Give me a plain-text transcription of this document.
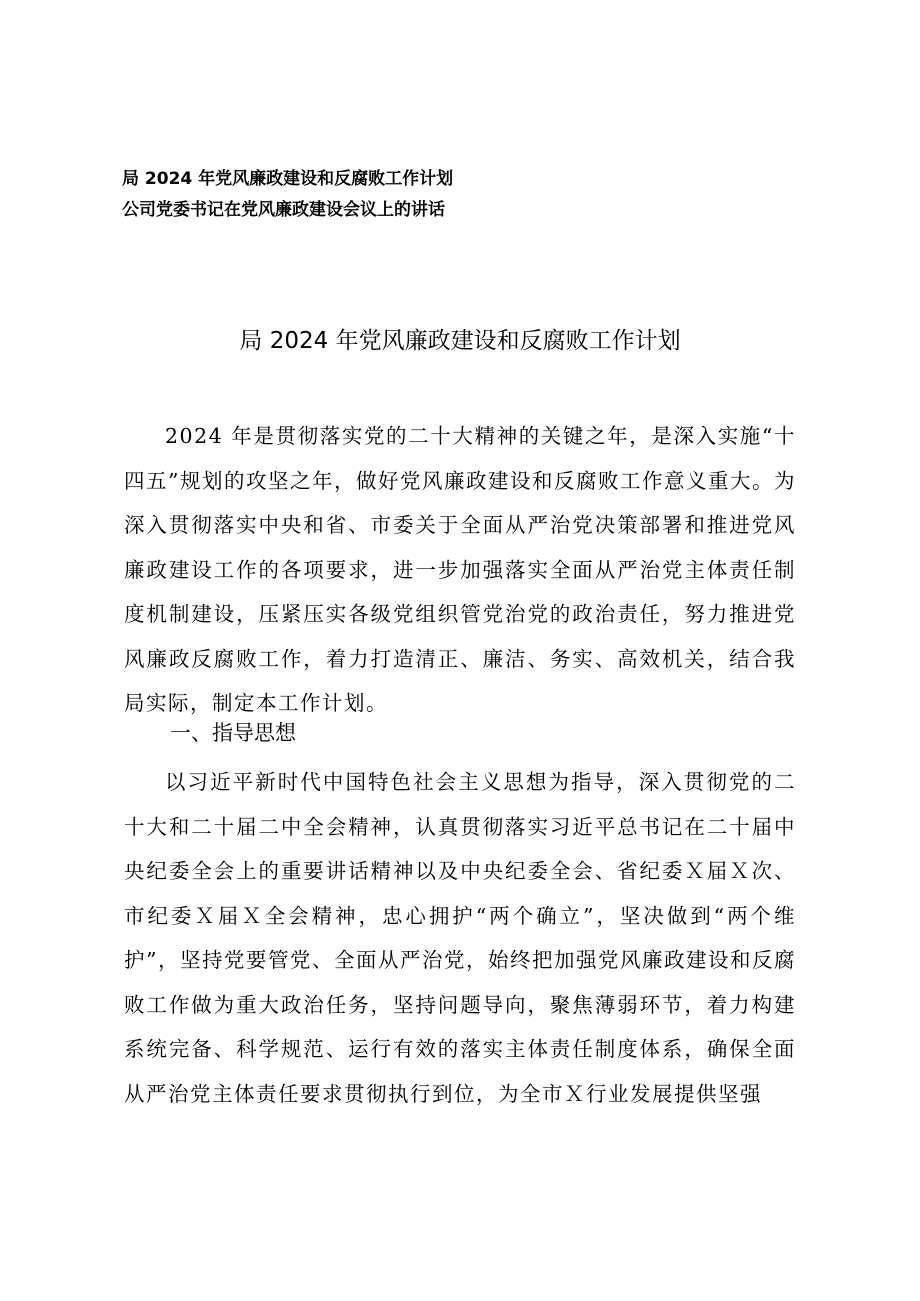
局 2024 年党风廉政建设和反腐败工作计划
公司党委书记在党风廉政建设会议上的讲话
局 2024 年党风廉政建设和反腐败工作计划

2024 年是贯彻落实党的二十大精神的关键之年，是深入实施“十四五”规划的攻坚之年，做好党风廉政建设和反腐败工作意义重大。为深入贯彻落实中央和省、市委关于全面从严治党决策部署和推进党风廉政建设工作的各项要求，进一步加强落实全面从严治党主体责任制度机制建设，压紧压实各级党组织管党治党的政治责任，努力推进党风廉政反腐败工作，着力打造清正、廉洁、务实、高效机关，结合我局实际，制定本工作计划。

一、指导思想

以习近平新时代中国特色社会主义思想为指导，深入贯彻党的二十大和二十届二中全会精神，认真贯彻落实习近平总书记在二十届中央纪委全会上的重要讲话精神以及中央纪委全会、省纪委Ｘ届Ｘ次、市纪委Ｘ届Ｘ全会精神，忠心拥护“两个确立”，坚决做到“两个维护”，坚持党要管党、全面从严治党，始终把加强党风廉政建设和反腐败工作做为重大政治任务，坚持问题导向，聚焦薄弱环节，着力构建系统完备、科学规范、运行有效的落实主体责任制度体系，确保全面从严治党主体责任要求贯彻执行到位，为全市Ｘ行业发展提供坚强
